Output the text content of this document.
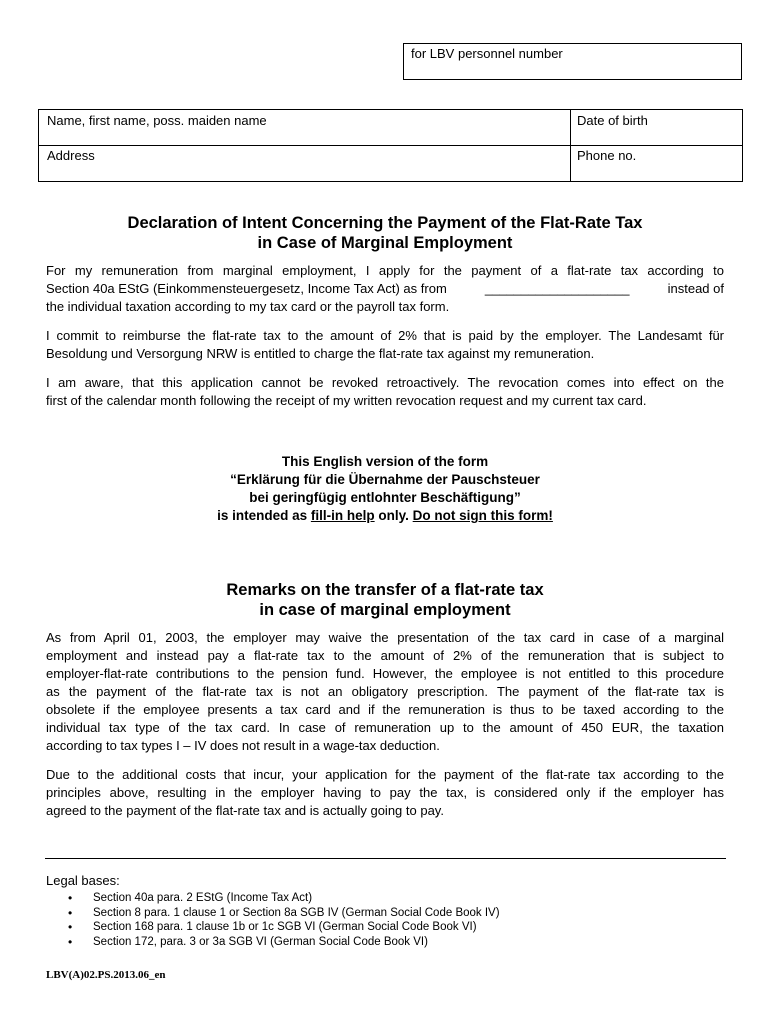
for LBV personnel number
Name, first name, poss. maiden name	Date of birth
Address	Phone no.
Declaration of Intent Concerning the Payment of the Flat-Rate Tax
in Case of Marginal Employment
For my remuneration from marginal employment, I apply for the payment of a flat-rate tax according to
Section 40a EStG (Einkommensteuergesetz, Income Tax Act) as from	____________________	instead of
the individual taxation according to my tax card or the payroll tax form.
I commit to reimburse the flat-rate tax to the amount of 2% that is paid by the employer. The Landesamt für
Besoldung und Versorgung NRW is entitled to charge the flat-rate tax against my remuneration.
I am aware, that this application cannot be revoked retroactively. The revocation comes into effect on the
first of the calendar month following the receipt of my written revocation request and my current tax card.
This English version of the form
“Erklärung für die Übernahme der Pauschsteuer
bei geringfügig entlohnter Beschäftigung”
is intended as fill-in help only. Do not sign this form!
Remarks on the transfer of a flat-rate tax
in case of marginal employment
As from April 01, 2003, the employer may waive the presentation of the tax card in case of a marginal
employment and instead pay a flat-rate tax to the amount of 2% of the remuneration that is subject to
employer-flat-rate contributions to the pension fund. However, the employee is not entitled to this procedure
as the payment of the flat-rate tax is not an obligatory prescription. The payment of the flat-rate tax is
obsolete if the employee presents a tax card and if the remuneration is thus to be taxed according to the
individual tax type of the tax card. In case of remuneration up to the amount of 450 EUR, the taxation
according to tax types I – IV does not result in a wage-tax deduction.
Due to the additional costs that incur, your application for the payment of the flat-rate tax according to the
principles above, resulting in the employer having to pay the tax, is considered only if the employer has
agreed to the payment of the flat-rate tax and is actually going to pay.
Legal bases:
• Section 40a para. 2 EStG (Income Tax Act)
• Section 8 para. 1 clause 1 or Section 8a SGB IV (German Social Code Book IV)
• Section 168 para. 1 clause 1b or 1c SGB VI (German Social Code Book VI)
• Section 172, para. 3 or 3a SGB VI (German Social Code Book VI)
LBV(A)02.PS.2013.06_en
